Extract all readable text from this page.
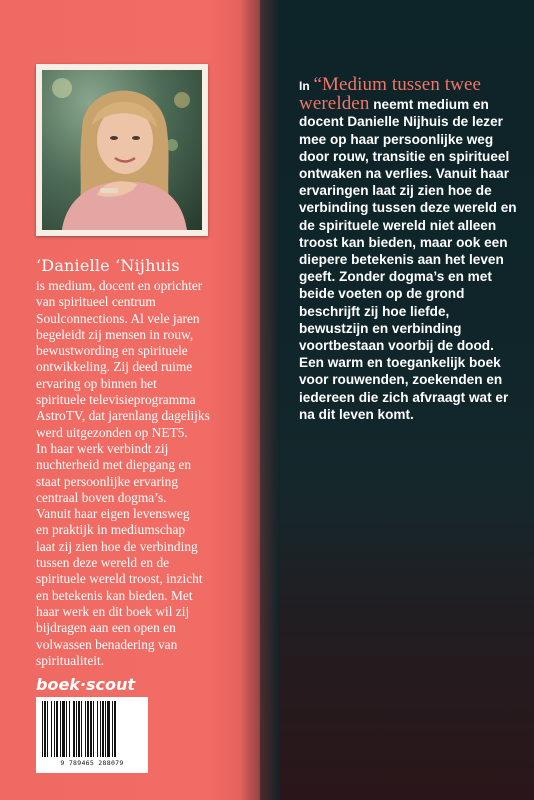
‘Danielle ‘Nijhuis
is medium, docent en oprichter
van spiritueel centrum
Soulconnections. Al vele jaren
begeleidt zij mensen in rouw,
bewustwording en spirituele
ontwikkeling. Zij deed ruime
ervaring op binnen het
spirituele televisieprogramma
AstroTV, dat jarenlang dagelijks
werd uitgezonden op NET5.
In haar werk verbindt zij
nuchterheid met diepgang en
staat persoonlijke ervaring
centraal boven dogma’s.
Vanuit haar eigen levensweg
en praktijk in mediumschap
laat zij zien hoe de verbinding
tussen deze wereld en de
spirituele wereld troost, inzicht
en betekenis kan bieden. Met
haar werk en dit boek wil zij
bijdragen aan een open en
volwassen benadering van
spiritualiteit.
boek·scout
9 789465 288079
In “Medium tussen twee werelden neemt medium en docent Danielle Nijhuis de lezer mee op haar persoonlijke weg door rouw, transitie en spiritueel ontwaken na verlies. Vanuit haar ervaringen laat zij zien hoe de verbinding tussen deze wereld en de spirituele wereld niet alleen troost kan bieden, maar ook een diepere betekenis aan het leven geeft. Zonder dogma’s en met beide voeten op de grond beschrijft zij hoe liefde, bewustzijn en verbinding voortbestaan voorbij de dood. Een warm en toegankelijk boek voor rouwenden, zoekenden en iedereen die zich afvraagt wat er na dit leven komt.
